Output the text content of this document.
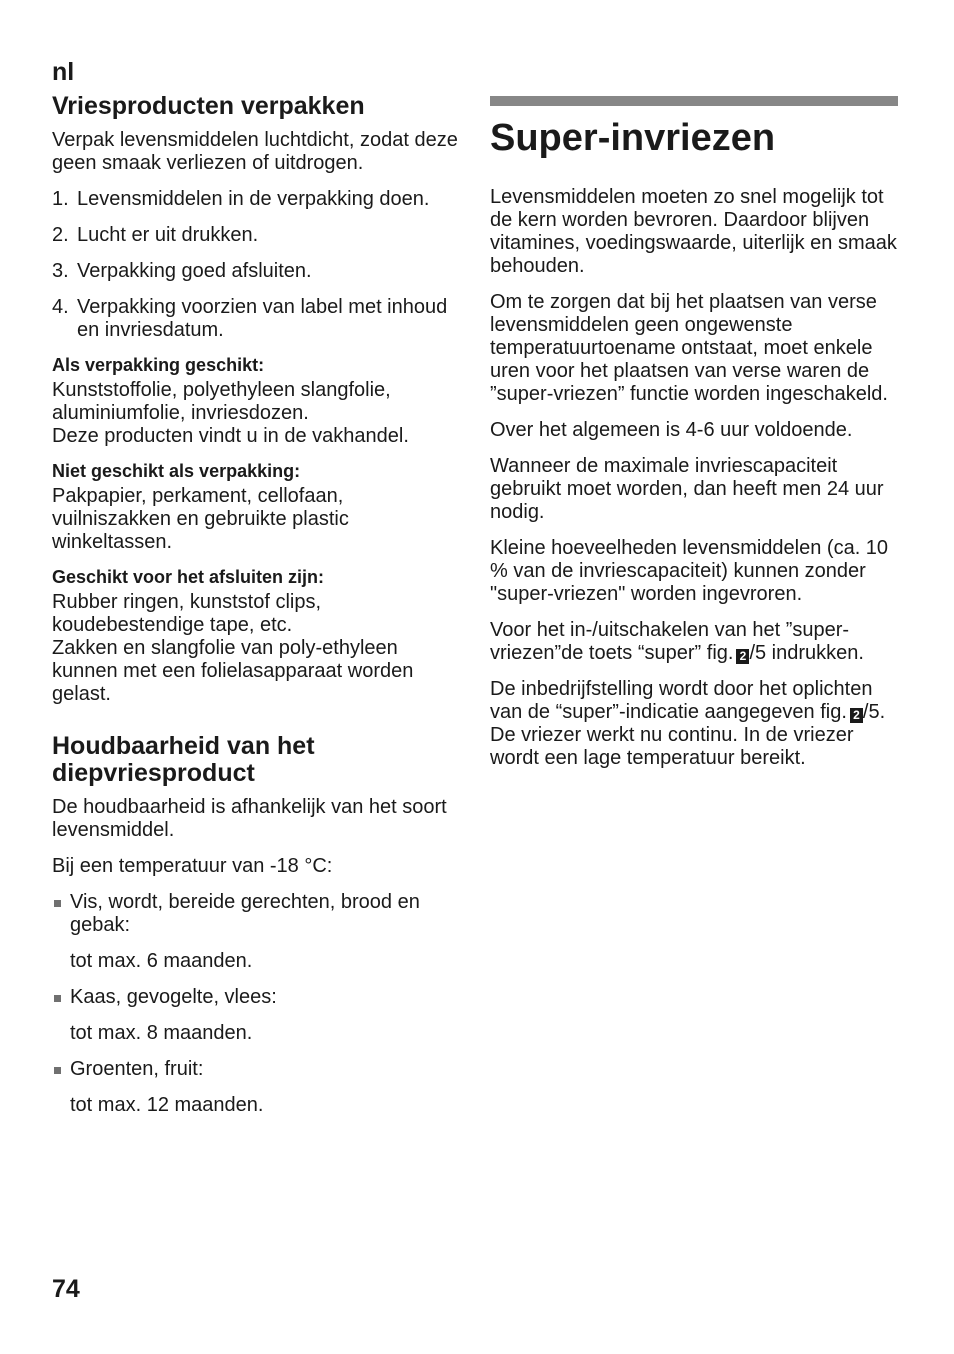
nl
Vriesproducten verpakken

Verpak levensmiddelen luchtdicht, zodat deze geen smaak verliezen of uitdrogen.

1. Levensmiddelen in de verpakking doen.
2. Lucht er uit drukken.
3. Verpakking goed afsluiten.
4. Verpakking voorzien van label met inhoud en invriesdatum.
Als verpakking geschikt:

Kunststoffolie, polyethyleen slangfolie, aluminiumfolie, invriesdozen.

Deze producten vindt u in de vakhandel.

Niet geschikt als verpakking:

Pakpapier, perkament, cellofaan, vuilniszakken en gebruikte plastic winkeltassen.

Geschikt voor het afsluiten zijn:

Rubber ringen, kunststof clips, koudebestendige tape, etc.

Zakken en slangfolie van poly-ethyleen kunnen met een folielasapparaat worden gelast.

Houdbaarheid van het diepvriesproduct

De houdbaarheid is afhankelijk van het soort levensmiddel.

Bij een temperatuur van -18 °C:

Vis, wordt, bereide gerechten, brood en gebak:
tot max. 6 maanden.
Kaas, gevogelte, vlees:
tot max. 8 maanden.
Groenten, fruit:
tot max. 12 maanden.
Super-invriezen

Levensmiddelen moeten zo snel mogelijk tot de kern worden bevroren. Daardoor blijven vitamines, voedingswaarde, uiterlijk en smaak behouden.

Om te zorgen dat bij het plaatsen van verse levensmiddelen geen ongewenste temperatuurtoename ontstaat, moet enkele uren voor het plaatsen van verse waren de ”super-vriezen” functie worden ingeschakeld.

Over het algemeen is 4-6 uur voldoende.

Wanneer de maximale invriescapaciteit gebruikt moet worden, dan heeft men 24 uur nodig.

Kleine hoeveelheden levensmiddelen (ca. 10 % van de invriescapaciteit) kunnen zonder "super-vriezen" worden ingevroren.

Voor het in-/uitschakelen van het ”super-vriezen”de toets “super” fig. 2 /5 indrukken.

De inbedrijfstelling wordt door het oplichten van de “super”-indicatie aangegeven fig. 2 /5. De vriezer werkt nu continu. In de vriezer wordt een lage temperatuur bereikt.

74
